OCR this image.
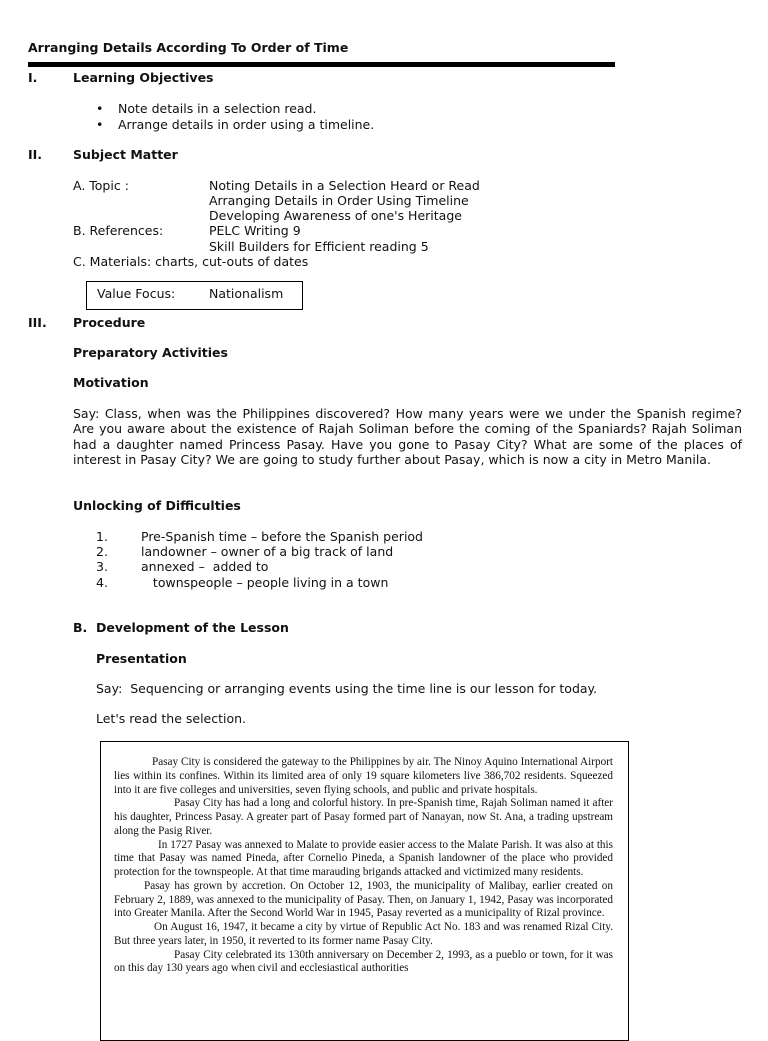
Arranging Details According To Order of Time
I.	Learning Objectives
• Note details in a selection read.
• Arrange details in order using a timeline.
II. Subject Matter
A. Topic :	Noting Details in a Selection Heard or Read
Arranging Details in Order Using Timeline
Developing Awareness of one's Heritage
B. References:	PELC Writing 9
Skill Builders for Efficient reading 5
C. Materials: charts, cut-outs of dates
Value Focus:	Nationalism
III. Procedure
Preparatory Activities
Motivation
Say: Class, when was the Philippines discovered? How many years were we under the Spanish regime? Are you aware about the existence of Rajah Soliman before the coming of the Spaniards? Rajah Soliman had a daughter named Princess Pasay. Have you gone to Pasay City? What are some of the places of interest in Pasay City? We are going to study further about Pasay, which is now a city in Metro Manila.
Unlocking of Difficulties
1.	Pre-Spanish time – before the Spanish period
2.	landowner – owner of a big track of land
3.	annexed –  added to
4.	townspeople – people living in a town
B.  Development of the Lesson
Presentation
Say:  Sequencing or arranging events using the time line is our lesson for today.
Let's read the selection.

Pasay City is considered the gateway to the Philippines by air. The Ninoy Aquino International Airport lies within its confines. Within its limited area of only 19 square kilometers live 386,702 residents. Squeezed into it are five colleges and universities, seven flying schools, and public and private hospitals.

Pasay City has had a long and colorful history. In pre-Spanish time, Rajah Soliman named it after his daughter, Princess Pasay. A greater part of Pasay formed part of Nanayan, now St. Ana, a trading upstream along the Pasig River.

In 1727 Pasay was annexed to Malate to provide easier access to the Malate Parish. It was also at this time that Pasay was named Pineda, after Cornelio Pineda, a Spanish landowner of the place who provided protection for the townspeople. At that time marauding brigands attacked and victimized many residents.

Pasay has grown by accretion. On October 12, 1903, the municipality of Malibay, earlier created on February 2, 1889, was annexed to the municipality of Pasay. Then, on January 1, 1942, Pasay was incorporated into Greater Manila. After the Second World War in 1945, Pasay reverted as a municipality of Rizal province.

On August 16, 1947, it became a city by virtue of Republic Act No. 183 and was renamed Rizal City. But three years later, in 1950, it reverted to its former name Pasay City.

Pasay City celebrated its 130th anniversary on December 2, 1993, as a pueblo or town, for it was on this day 130 years ago when civil and ecclesiastical authorities
